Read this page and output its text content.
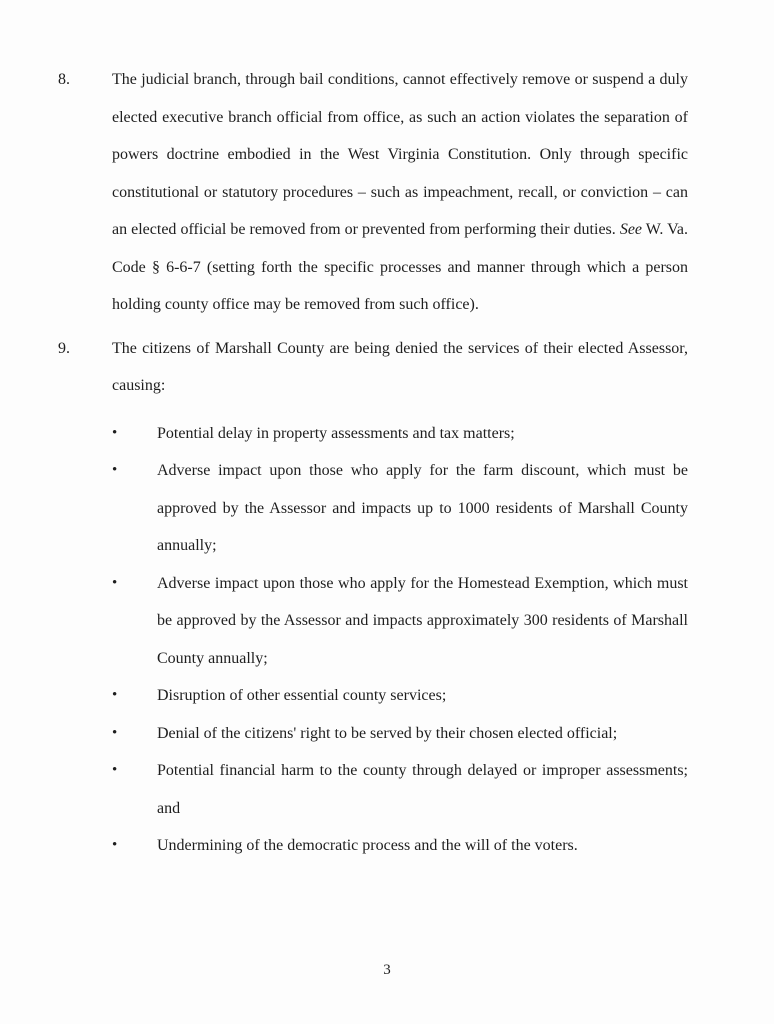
8.	The judicial branch, through bail conditions, cannot effectively remove or suspend a duly

elected executive branch official from office, as such an action violates the separation of

powers doctrine embodied in the West Virginia Constitution. Only through specific

constitutional or statutory procedures – such as impeachment, recall, or conviction – can

an elected official be removed from or prevented from performing their duties. See W. Va.

Code § 6-6-7 (setting forth the specific processes and manner through which a person

holding county office may be removed from such office).

9.	The citizens of Marshall County are being denied the services of their elected Assessor,

causing:

•	Potential delay in property assessments and tax matters;

•	Adverse impact upon those who apply for the farm discount, which must be

approved by the Assessor and impacts up to 1000 residents of Marshall County

annually;

•	Adverse impact upon those who apply for the Homestead Exemption, which must

be approved by the Assessor and impacts approximately 300 residents of Marshall

County annually;

•	Disruption of other essential county services;

•	Denial of the citizens' right to be served by their chosen elected official;

•	Potential financial harm to the county through delayed or improper assessments;

and

•	Undermining of the democratic process and the will of the voters.

3
